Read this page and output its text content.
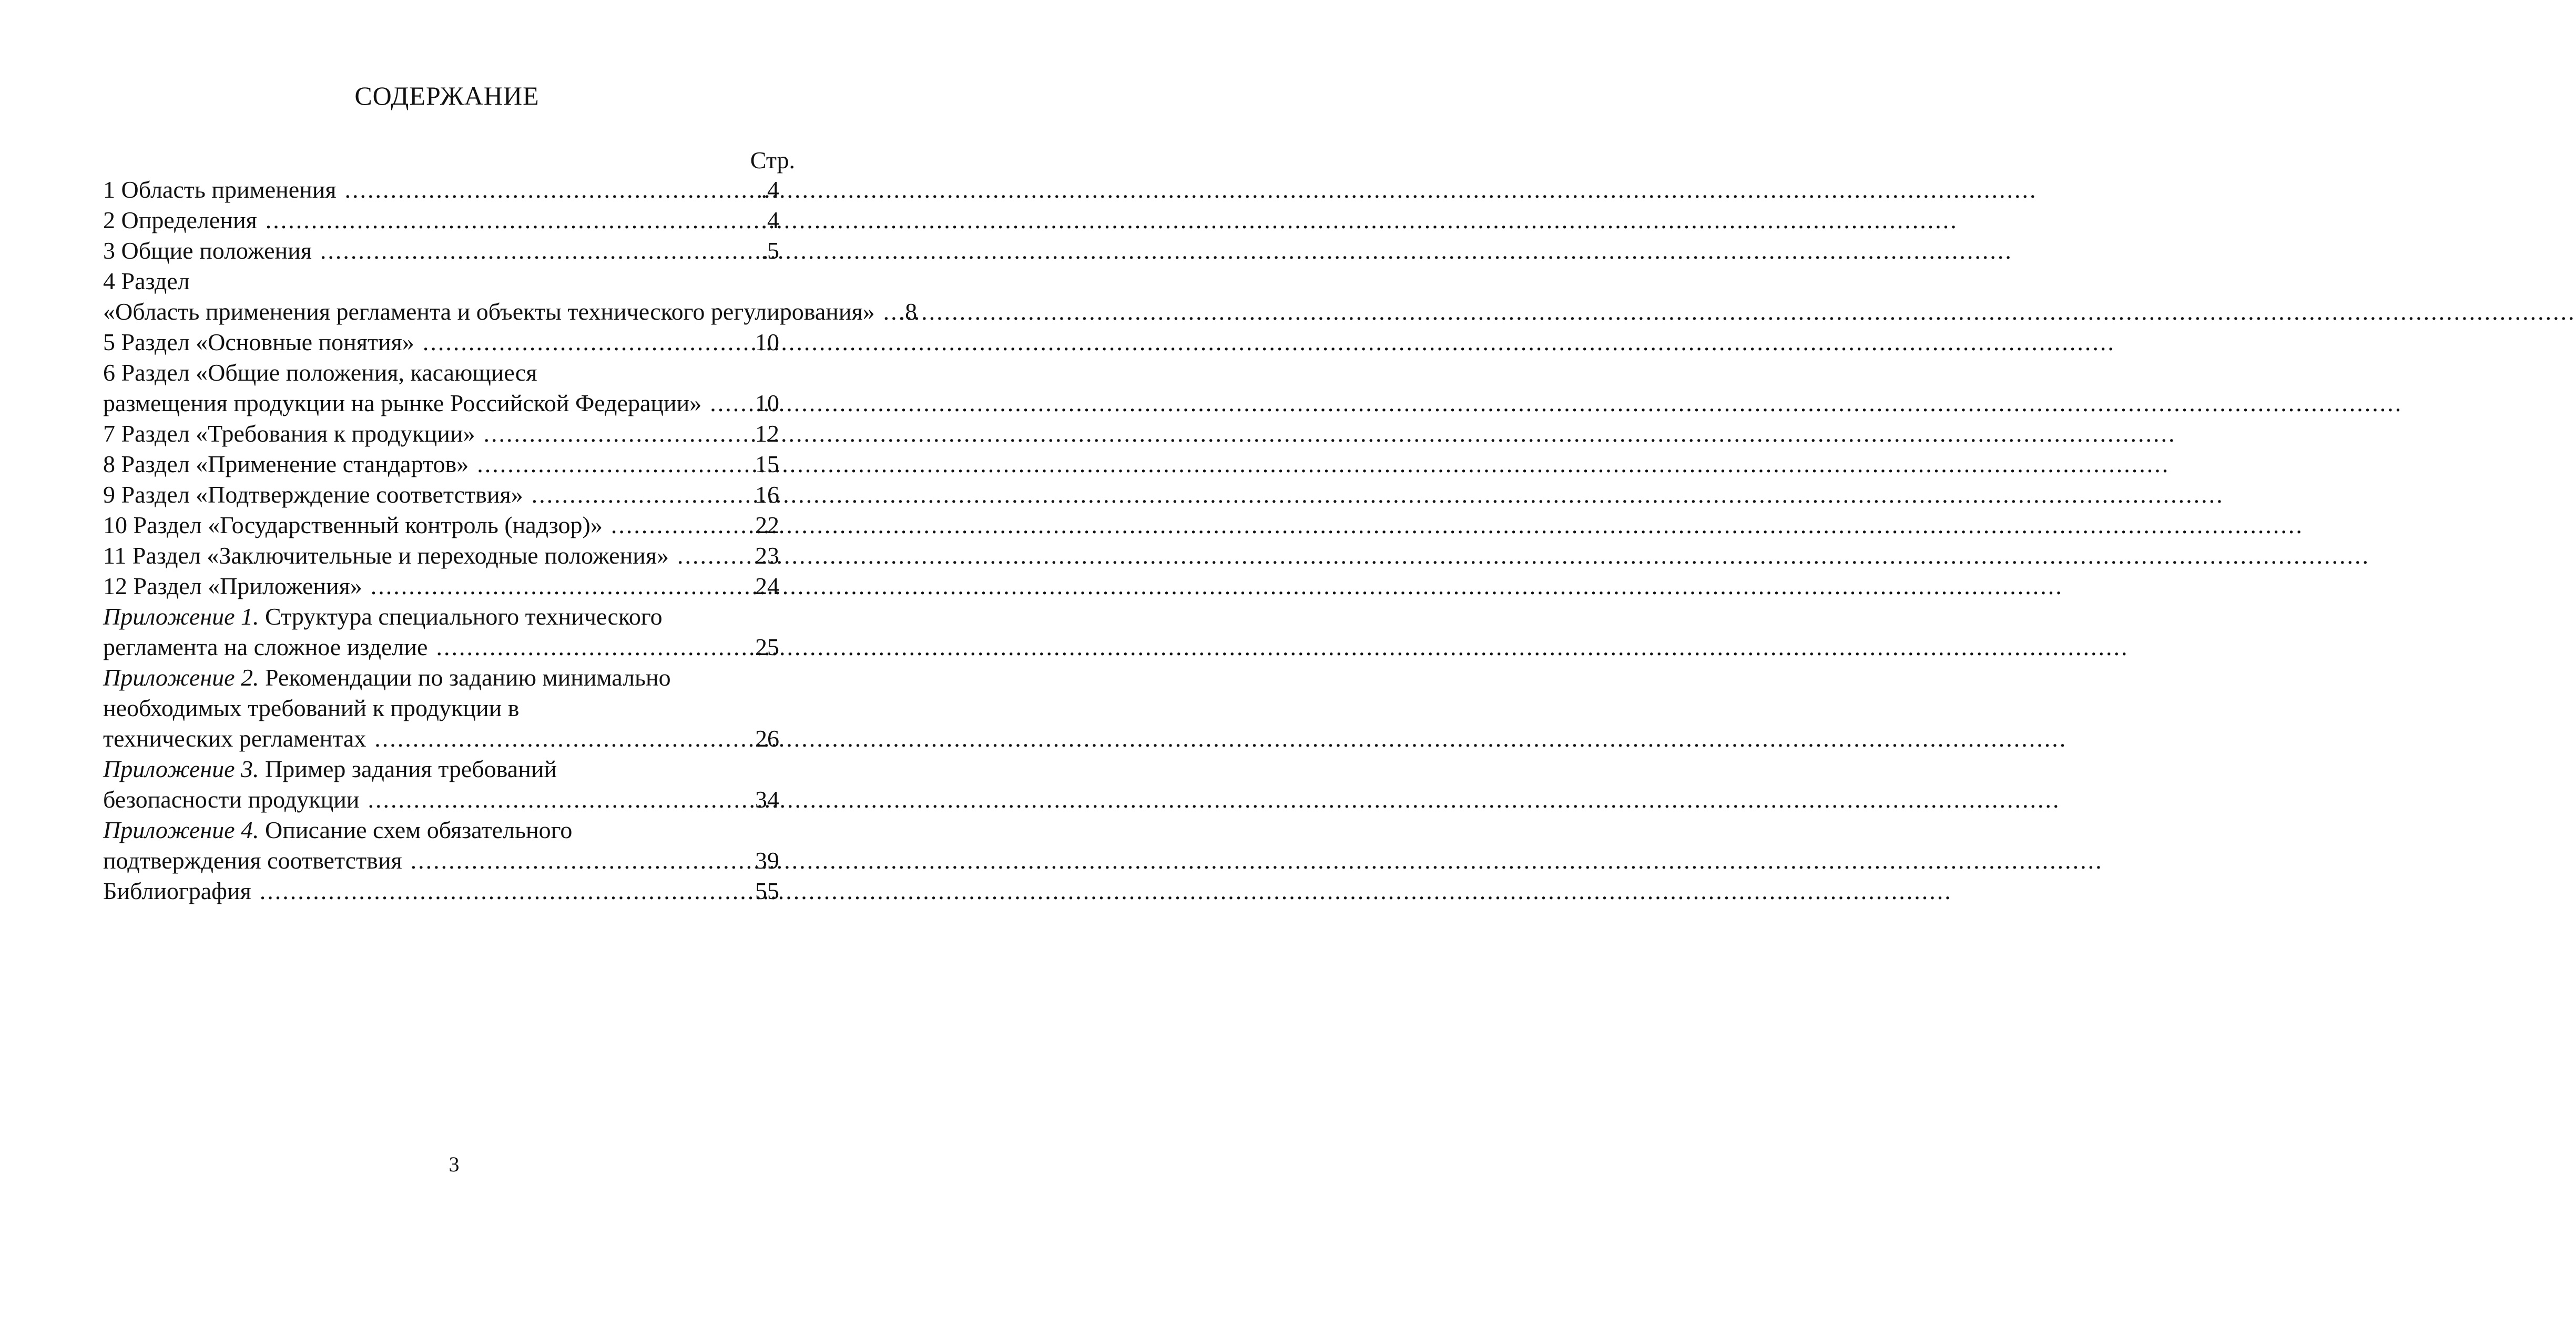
СОДЕРЖАНИЕ
Стр.
1 Область применения .....	.4
2 Определения .....	.4
3 Общие положения .....	.5
4 Раздел
«Область применения регламента и объекты технического регулирования» ..... .8
5 Раздел «Основные понятия» .....	10
6 Раздел «Общие положения, касающиеся
размещения продукции на рынке Российской Федерации» ..... 10
7 Раздел «Требования к продукции» .....	12
8 Раздел «Применение стандартов» .....	15
9 Раздел «Подтверждение соответствия» .....	16
10 Раздел «Государственный контроль (надзор)» .....	22
11 Раздел «Заключительные и переходные положения» .....	23
12 Раздел «Приложения» .....	24
Приложение 1. Структура специального технического
регламента на сложное изделие .....	25
Приложение 2. Рекомендации по заданию минимально
необходимых требований к продукции в
технических регламентах .....	26
Приложение 3. Пример задания требований
безопасности продукции .....	34
Приложение 4. Описание схем обязательного
подтверждения соответствия .....	39
Библиография .....	55
3
